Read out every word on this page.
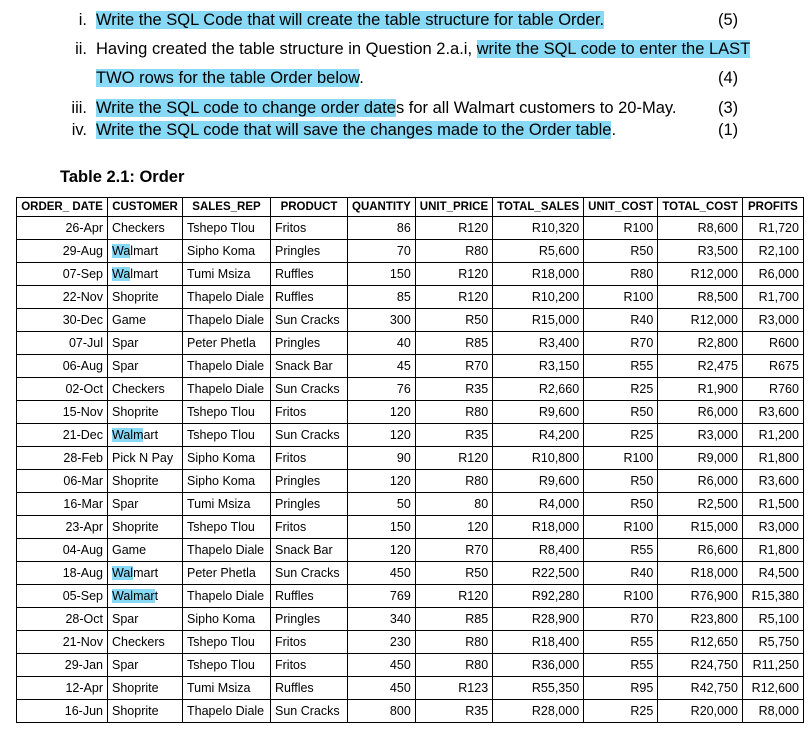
i. Write the SQL Code that will create the table structure for table Order.	(5)
ii. Having created the table structure in Question 2.a.i, write the SQL code to enter the LAST
TWO rows for the table Order below.	(4)
iii. Write the SQL code to change order dates for all Walmart customers to 20-May.	(3)
iv. Write the SQL code that will save the changes made to the Order table.	(1)
Table 2.1: Order
ORDER_ DATE	CUSTOMER	SALES_REP	PRODUCT	QUANTITY	UNIT_PRICE	TOTAL_SALES	UNIT_COST	TOTAL_COST	PROFITS
26-Apr	Checkers	Tshepo Tlou	Fritos	86	R120	R10,320	R100	R8,600	R1,720
29-Aug	Walmart	Sipho Koma	Pringles	70	R80	R5,600	R50	R3,500	R2,100
07-Sep	Walmart	Tumi Msiza	Ruffles	150	R120	R18,000	R80	R12,000	R6,000
22-Nov	Shoprite	Thapelo Diale	Ruffles	85	R120	R10,200	R100	R8,500	R1,700
30-Dec	Game	Thapelo Diale	Sun Cracks	300	R50	R15,000	R40	R12,000	R3,000
07-Jul	Spar	Peter Phetla	Pringles	40	R85	R3,400	R70	R2,800	R600
06-Aug	Spar	Thapelo Diale	Snack Bar	45	R70	R3,150	R55	R2,475	R675
02-Oct	Checkers	Thapelo Diale	Sun Cracks	76	R35	R2,660	R25	R1,900	R760
15-Nov	Shoprite	Tshepo Tlou	Fritos	120	R80	R9,600	R50	R6,000	R3,600
21-Dec	Walmart	Tshepo Tlou	Sun Cracks	120	R35	R4,200	R25	R3,000	R1,200
28-Feb	Pick N Pay	Sipho Koma	Fritos	90	R120	R10,800	R100	R9,000	R1,800
06-Mar	Shoprite	Sipho Koma	Pringles	120	R80	R9,600	R50	R6,000	R3,600
16-Mar	Spar	Tumi Msiza	Pringles	50	80	R4,000	R50	R2,500	R1,500
23-Apr	Shoprite	Tshepo Tlou	Fritos	150	120	R18,000	R100	R15,000	R3,000
04-Aug	Game	Thapelo Diale	Snack Bar	120	R70	R8,400	R55	R6,600	R1,800
18-Aug	Walmart	Peter Phetla	Sun Cracks	450	R50	R22,500	R40	R18,000	R4,500
05-Sep	Walmart	Thapelo Diale	Ruffles	769	R120	R92,280	R100	R76,900	R15,380
28-Oct	Spar	Sipho Koma	Pringles	340	R85	R28,900	R70	R23,800	R5,100
21-Nov	Checkers	Tshepo Tlou	Fritos	230	R80	R18,400	R55	R12,650	R5,750
29-Jan	Spar	Tshepo Tlou	Fritos	450	R80	R36,000	R55	R24,750	R11,250
12-Apr	Shoprite	Tumi Msiza	Ruffles	450	R123	R55,350	R95	R42,750	R12,600
16-Jun	Shoprite	Thapelo Diale	Sun Cracks	800	R35	R28,000	R25	R20,000	R8,000
